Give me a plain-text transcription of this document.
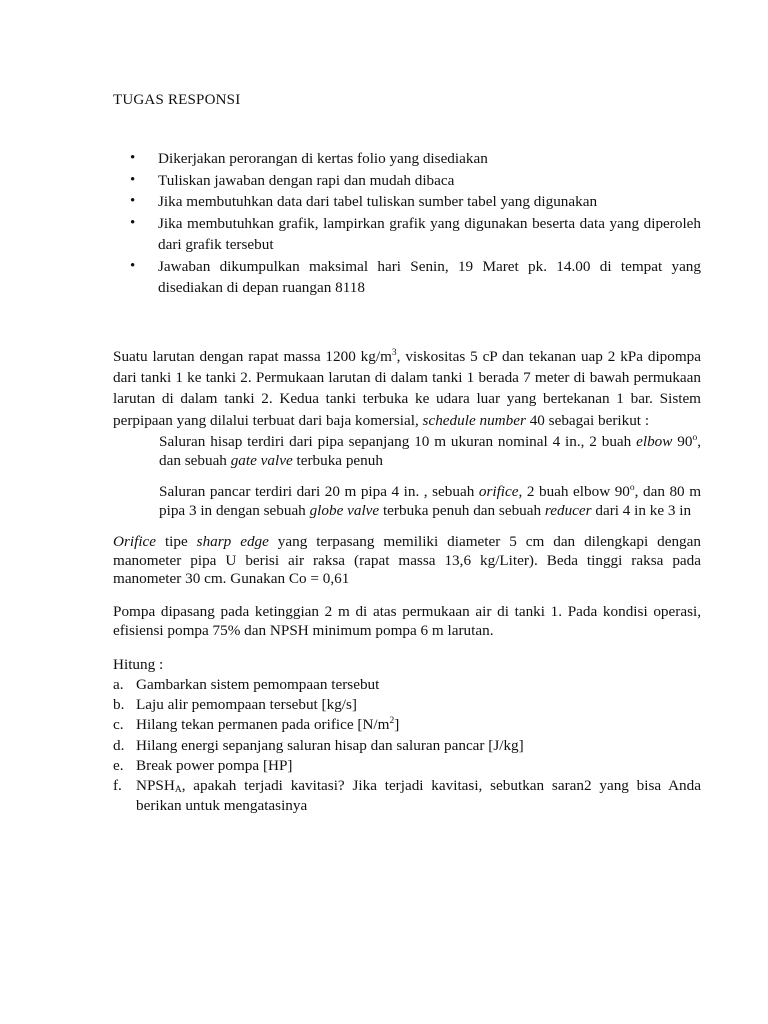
TUGAS RESPONSI
• Dikerjakan perorangan di kertas folio yang disediakan
• Tuliskan jawaban dengan rapi dan mudah dibaca
• Jika membutuhkan data dari tabel tuliskan sumber tabel yang digunakan
• Jika membutuhkan grafik, lampirkan grafik yang digunakan beserta data yang diperoleh dari grafik tersebut
• Jawaban dikumpulkan maksimal hari Senin, 19 Maret pk. 14.00 di tempat yang disediakan di depan ruangan 8118
Suatu larutan dengan rapat massa 1200 $kg/m^3$, viskositas 5 cP dan tekanan uap 2 kPa dipompa dari tanki 1 ke tanki 2. Permukaan larutan di dalam tanki 1 berada 7 meter di bawah permukaan larutan di dalam tanki 2. Kedua tanki terbuka ke udara luar yang bertekanan 1 bar. Sistem perpipaan yang dilalui terbuat dari baja komersial, schedule number 40 sebagai berikut :
Saluran hisap terdiri dari pipa sepanjang 10 m ukuran nominal 4 in., 2 buah elbow 90$^o$, dan sebuah gate valve terbuka penuh
Saluran pancar terdiri dari 20 m pipa 4 in. , sebuah orifice, 2 buah elbow 90$^o$, dan 80 m pipa 3 in dengan sebuah globe valve terbuka penuh dan sebuah reducer dari 4 in ke 3 in
Orifice tipe sharp edge yang terpasang memiliki diameter 5 cm dan dilengkapi dengan manometer pipa U berisi air raksa (rapat massa 13,6 kg/Liter). Beda tinggi raksa pada manometer 30 cm. Gunakan Co = 0,61
Pompa dipasang pada ketinggian 2 m di atas permukaan air di tanki 1. Pada kondisi operasi, efisiensi pompa 75% dan NPSH minimum pompa 6 m larutan.
Hitung :
a. Gambarkan sistem pemompaan tersebut
b. Laju alir pemompaan tersebut [kg/s]
c. Hilang tekan permanen pada orifice $[N/m^2]$
d. Hilang energi sepanjang saluran hisap dan saluran pancar [J/kg]
e. Break power pompa [HP]
f. $NPSH_A$, apakah terjadi kavitasi? Jika terjadi kavitasi, sebutkan saran2 yang bisa Anda berikan untuk mengatasinya
